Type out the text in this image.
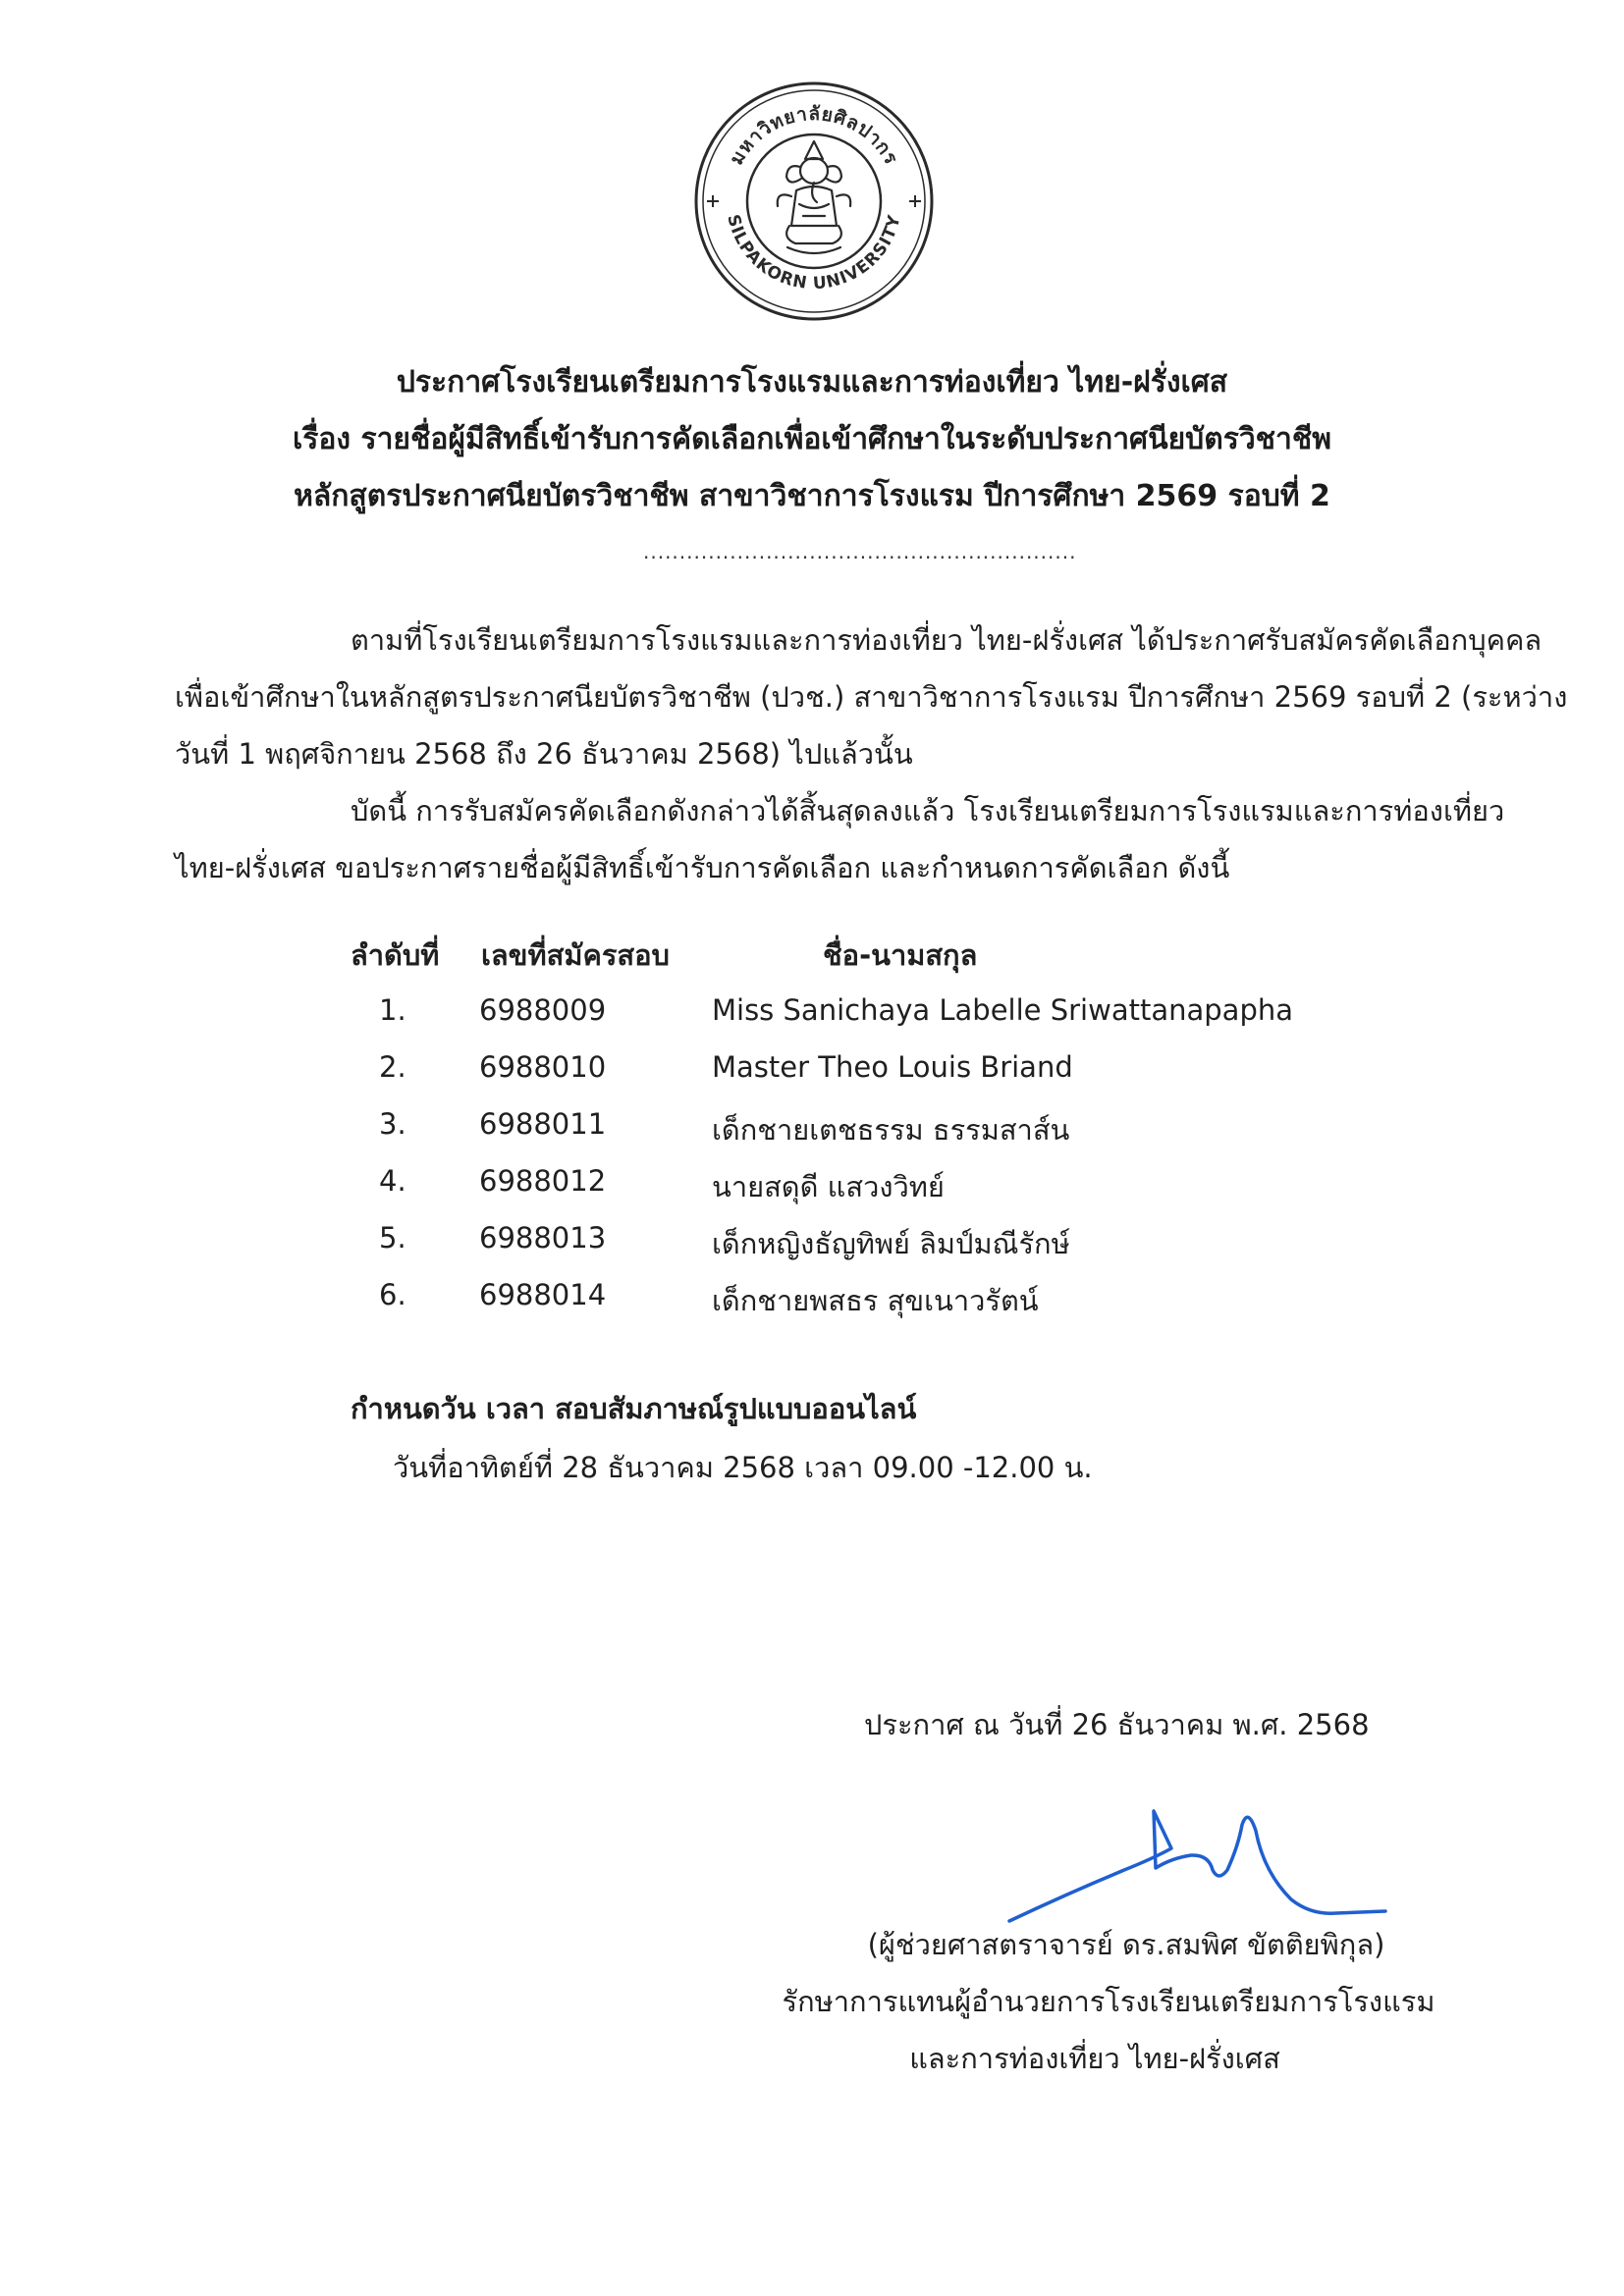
มหาวิทยาลัยศิลปากร
SILPAKORN UNIVERSITY
ประกาศโรงเรียนเตรียมการโรงแรมและการท่องเที่ยว ไทย-ฝรั่งเศส
เรื่อง รายชื่อผู้มีสิทธิ์เข้ารับการคัดเลือกเพื่อเข้าศึกษาในระดับประกาศนียบัตรวิชาชีพ
หลักสูตรประกาศนียบัตรวิชาชีพ สาขาวิชาการโรงแรม ปีการศึกษา 2569 รอบที่ 2
............................................................
ตามที่โรงเรียนเตรียมการโรงแรมและการท่องเที่ยว ไทย-ฝรั่งเศส ได้ประกาศรับสมัครคัดเลือกบุคคล
เพื่อเข้าศึกษาในหลักสูตรประกาศนียบัตรวิชาชีพ (ปวช.) สาขาวิชาการโรงแรม ปีการศึกษา 2569 รอบที่ 2 (ระหว่าง
วันที่ 1 พฤศจิกายน 2568 ถึง 26 ธันวาคม 2568) ไปแล้วนั้น
บัดนี้ การรับสมัครคัดเลือกดังกล่าวได้สิ้นสุดลงแล้ว โรงเรียนเตรียมการโรงแรมและการท่องเที่ยว
ไทย-ฝรั่งเศส ขอประกาศรายชื่อผู้มีสิทธิ์เข้ารับการคัดเลือก และกำหนดการคัดเลือก ดังนี้
ลำดับที่ เลขที่สมัครสอบ	ชื่อ-นามสกุล
1.	6988009	Miss Sanichaya Labelle Sriwattanapapha
2.	6988010	Master Theo Louis Briand
3.	6988011	เด็กชายเตชธรรม ธรรมสาส์น
4.	6988012	นายสดุดี แสวงวิทย์
5.	6988013	เด็กหญิงธัญทิพย์ ลิมป์มณีรักษ์
6.	6988014	เด็กชายพสธร สุขเนาวรัตน์
กำหนดวัน เวลา สอบสัมภาษณ์รูปแบบออนไลน์
วันที่อาทิตย์ที่ 28 ธันวาคม 2568 เวลา 09.00 -12.00 น.
ประกาศ ณ วันที่ 26 ธันวาคม พ.ศ. 2568
(ผู้ช่วยศาสตราจารย์ ดร.สมพิศ ขัตติยพิกุล)
รักษาการแทนผู้อำนวยการโรงเรียนเตรียมการโรงแรม
และการท่องเที่ยว ไทย-ฝรั่งเศส
